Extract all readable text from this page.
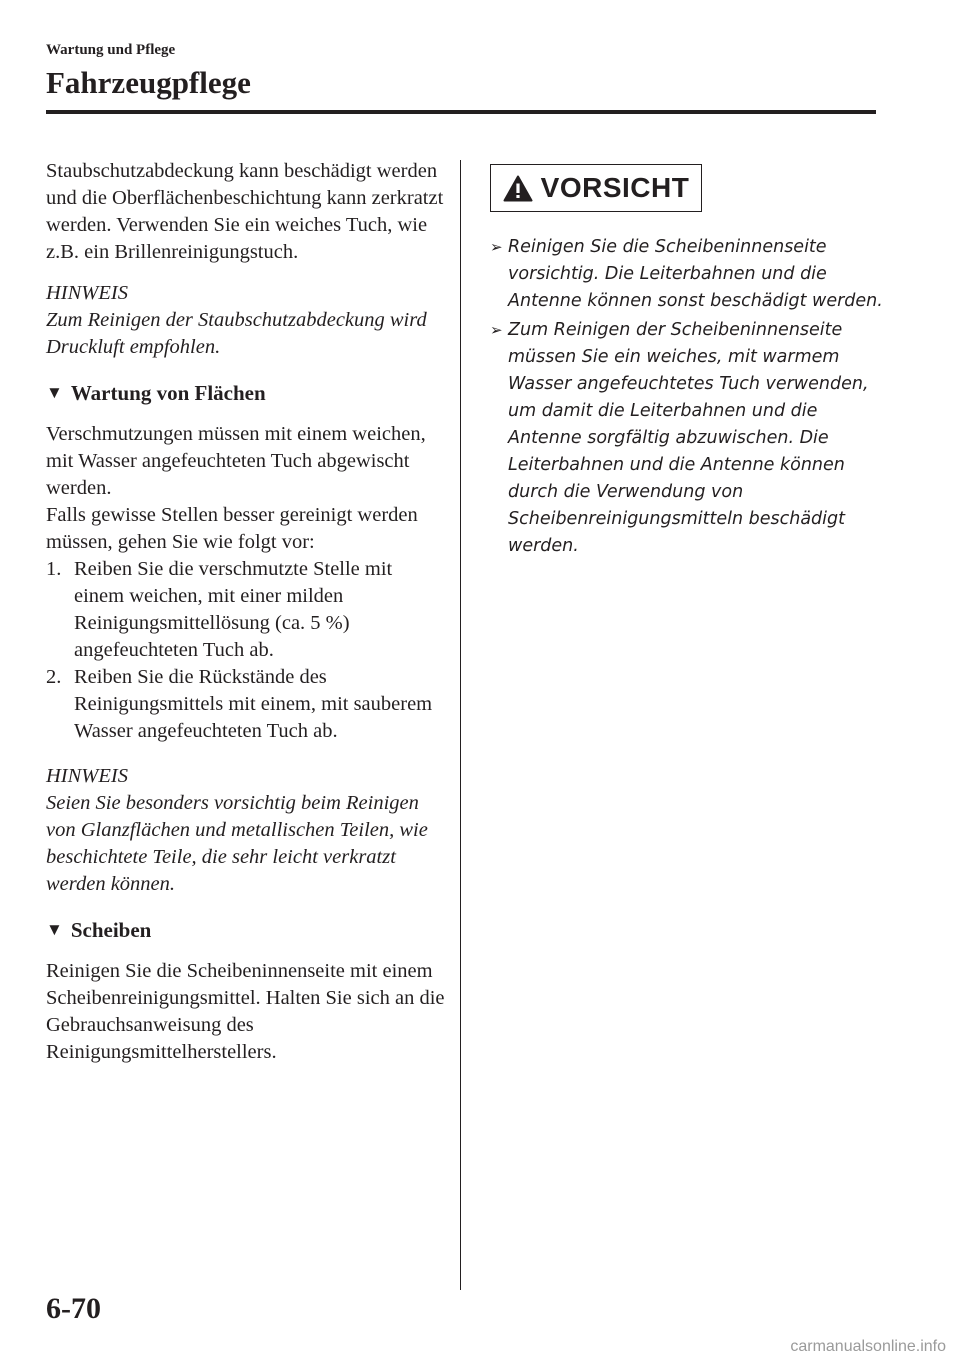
Wartung und Pflege
Fahrzeugpflege

Staubschutzabdeckung kann beschädigt werden und die Oberflächenbeschichtung kann zerkratzt werden. Verwenden Sie ein weiches Tuch, wie z.B. ein Brillenreinigungstuch.

HINWEIS

Zum Reinigen der Staubschutzabdeckung wird Druckluft empfohlen.

▼ Wartung von Flächen

Verschmutzungen müssen mit einem weichen, mit Wasser angefeuchteten Tuch abgewischt werden.

Falls gewisse Stellen besser gereinigt werden müssen, gehen Sie wie folgt vor:

1. Reiben Sie die verschmutzte Stelle mit einem weichen, mit einer milden Reinigungsmittellösung (ca. 5 %) angefeuchteten Tuch ab.
2. Reiben Sie die Rückstände des Reinigungsmittels mit einem, mit sauberem Wasser angefeuchteten Tuch ab.

HINWEIS

Seien Sie besonders vorsichtig beim Reinigen von Glanzflächen und metallischen Teilen, wie beschichtete Teile, die sehr leicht verkratzt werden können.

▼ Scheiben

Reinigen Sie die Scheibeninnenseite mit einem Scheibenreinigungsmittel. Halten Sie sich an die Gebrauchsanweisung des Reinigungsmittelherstellers.

VORSICHT
➢ Reinigen Sie die Scheibeninnenseite vorsichtig. Die Leiterbahnen und die Antenne können sonst beschädigt werden.
➢ Zum Reinigen der Scheibeninnenseite müssen Sie ein weiches, mit warmem Wasser angefeuchtetes Tuch verwenden, um damit die Leiterbahnen und die Antenne sorgfältig abzuwischen. Die Leiterbahnen und die Antenne können durch die Verwendung von Scheibenreinigungsmitteln beschädigt werden.
6-70
carmanualsonline.info
